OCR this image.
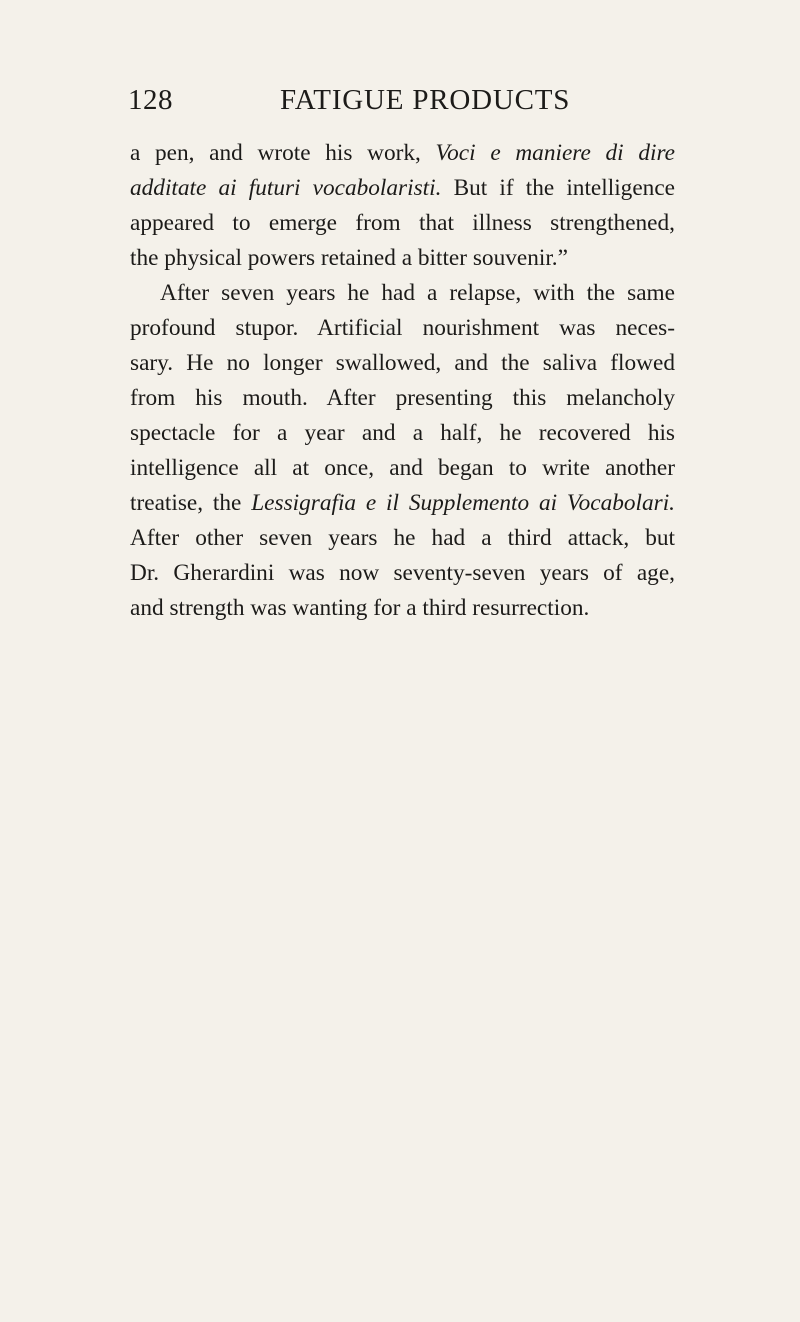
128	FATIGUE PRODUCTS
a pen, and wrote his work, Voci e maniere di dire
additate ai futuri vocabolaristi. But if the intelligence
appeared to emerge from that illness strengthened,
the physical powers retained a bitter souvenir.”
After seven years he had a relapse, with the same
profound stupor. Artificial nourishment was neces-
sary. He no longer swallowed, and the saliva flowed
from his mouth. After presenting this melancholy
spectacle for a year and a half, he recovered his
intelligence all at once, and began to write another
treatise, the Lessigrafia e il Supplemento ai Vocabolari.
After other seven years he had a third attack, but
Dr. Gherardini was now seventy-seven years of age,
and strength was wanting for a third resurrection.
